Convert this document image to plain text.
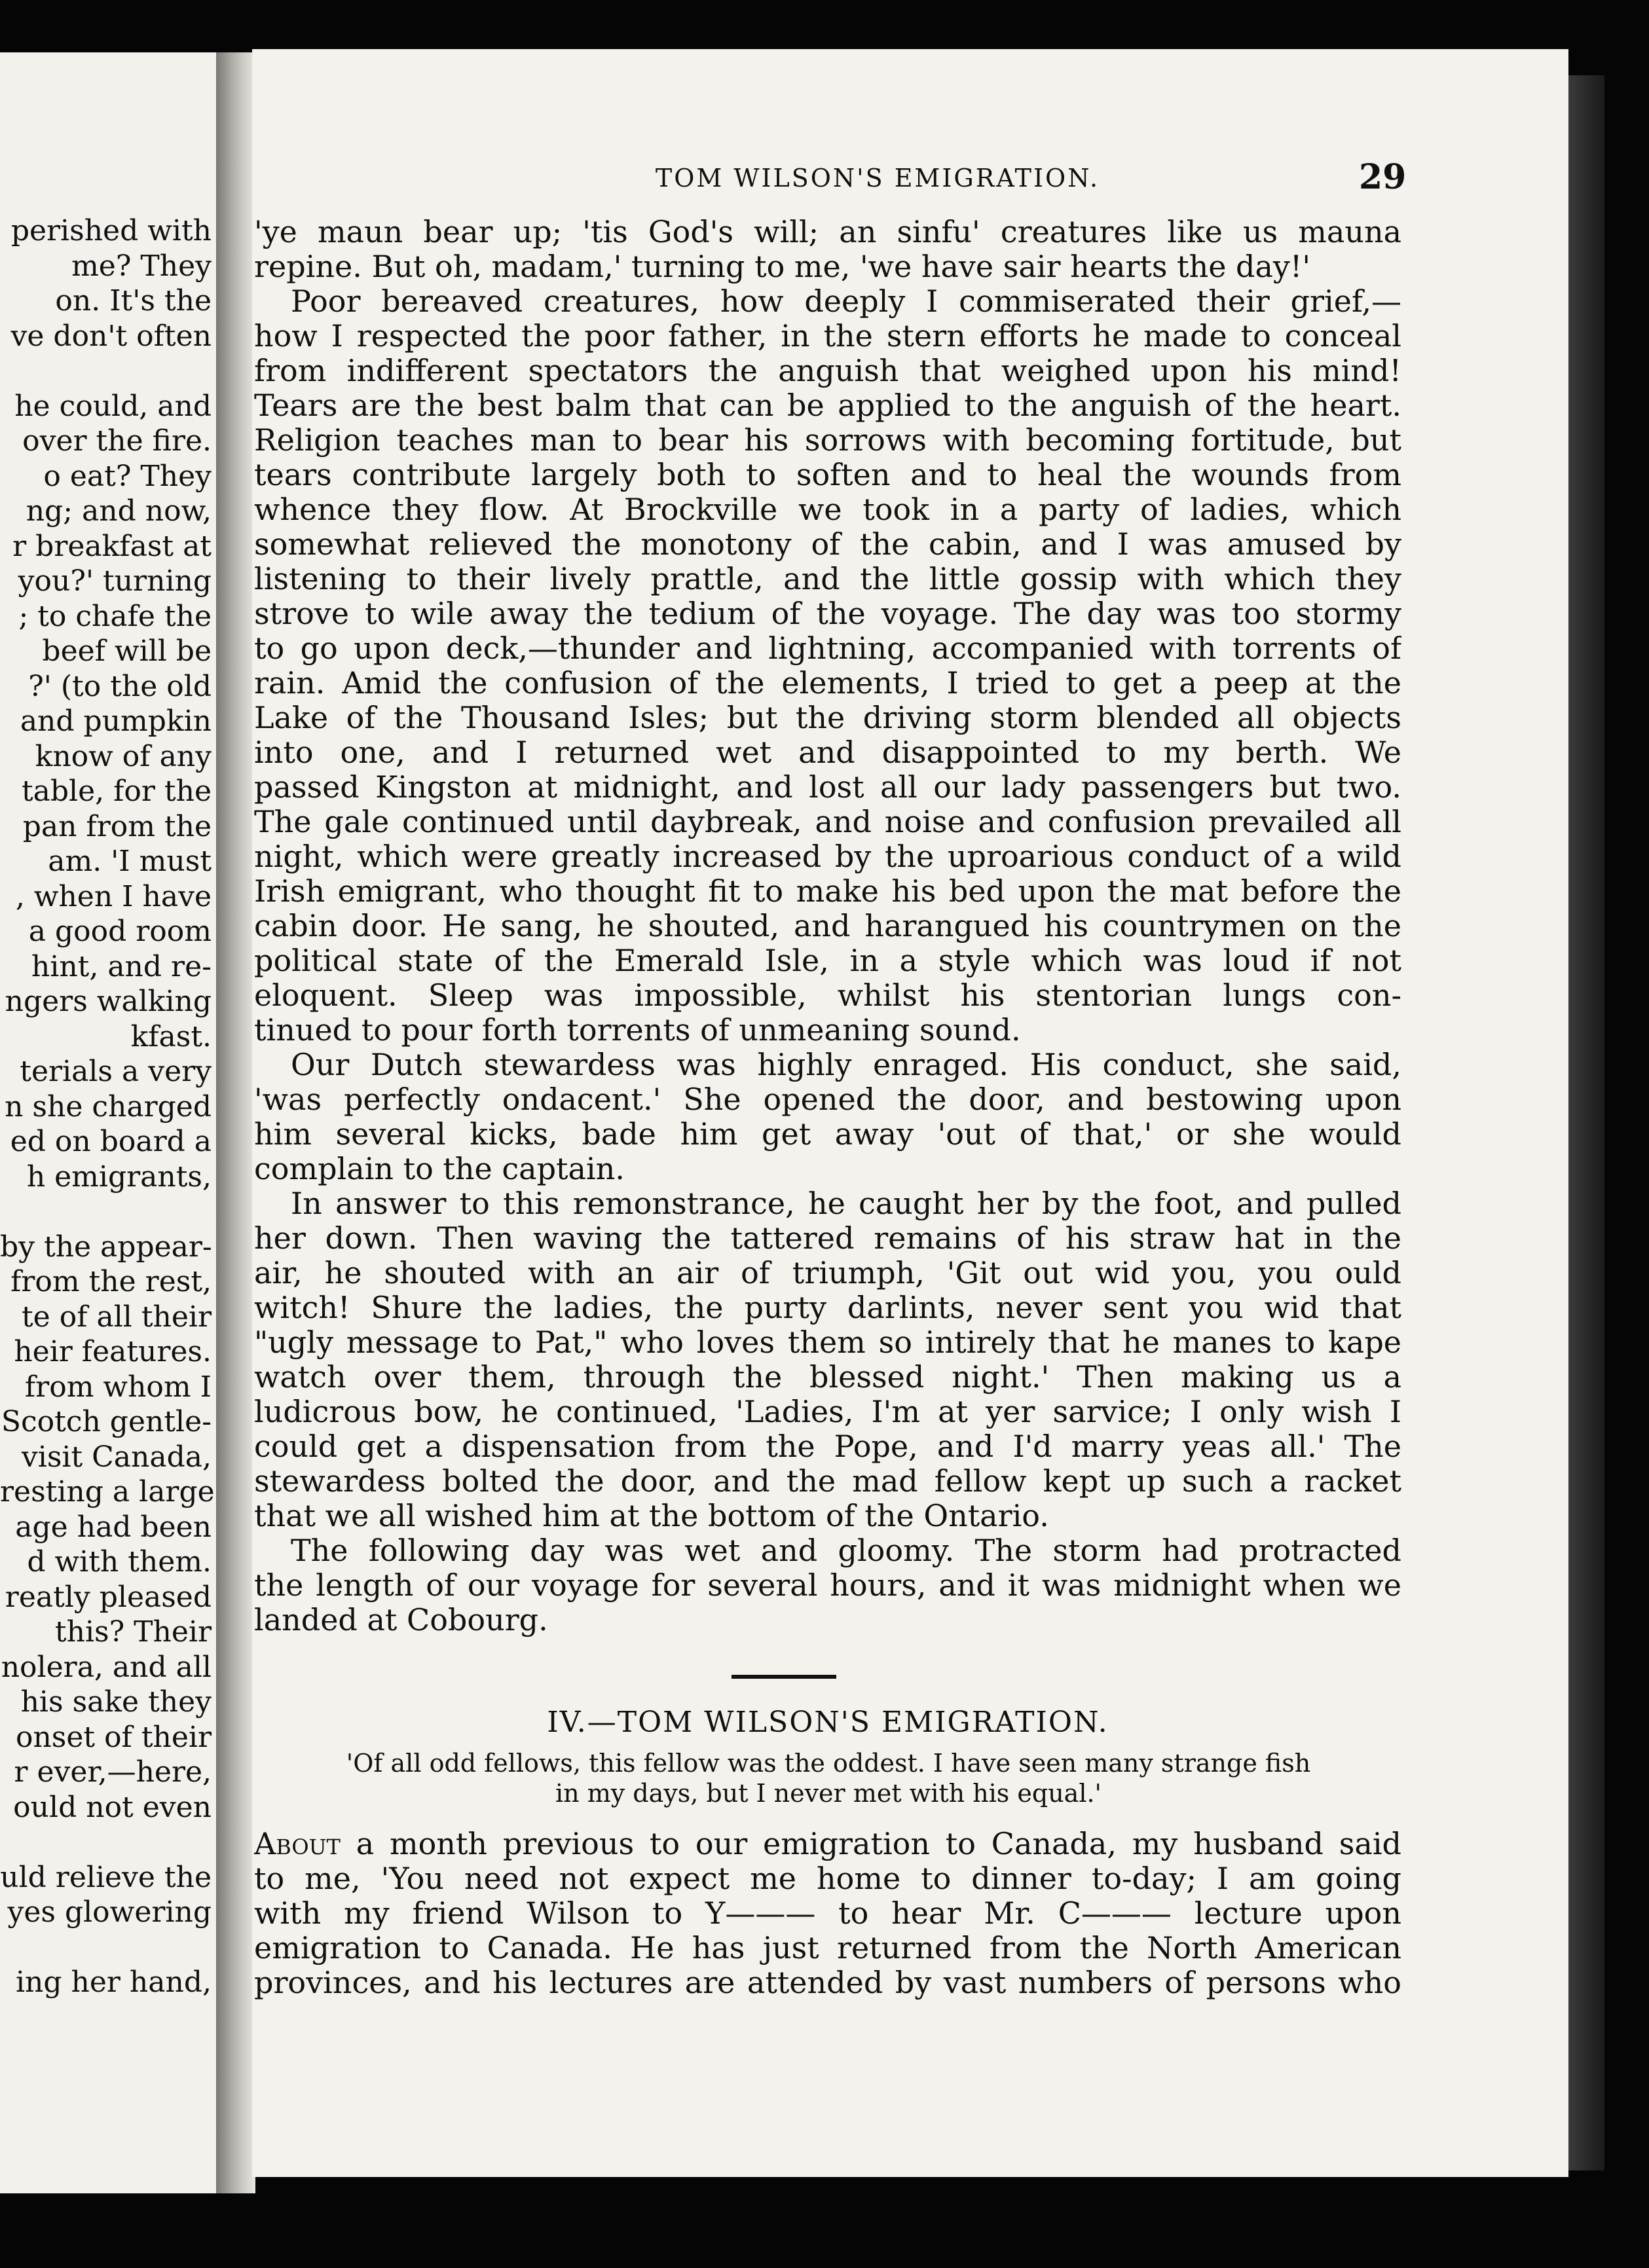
perished with
me? They
on. It's the
ve don't often
he could, and
over the fire.
o eat? They
ng; and now,
r breakfast at
you?' turning
; to chafe the
beef will be
?' (to the old
and pumpkin
know of any
table, for the
pan from the
am. 'I must
, when I have
a good room
hint, and re-
ngers walking
kfast.
terials a very
n she charged
ed on board a
h emigrants,
by the appear-
from the rest,
te of all their
heir features.
from whom I
Scotch gentle-
visit Canada,
resting a large
age had been
d with them.
reatly pleased
this? Their
nolera, and all
his sake they
onset of their
r ever,—here,
ould not even
uld relieve the
yes glowering
ing her hand,
TOM WILSON'S EMIGRATION.	29
'ye maun bear up; 'tis God's will; an sinfu' creatures like us mauna
repine. But oh, madam,' turning to me, 'we have sair hearts the day!'
Poor bereaved creatures, how deeply I commiserated their grief,—
how I respected the poor father, in the stern efforts he made to conceal
from indifferent spectators the anguish that weighed upon his mind!
Tears are the best balm that can be applied to the anguish of the heart.
Religion teaches man to bear his sorrows with becoming fortitude, but
tears contribute largely both to soften and to heal the wounds from
whence they flow. At Brockville we took in a party of ladies, which
somewhat relieved the monotony of the cabin, and I was amused by
listening to their lively prattle, and the little gossip with which they
strove to wile away the tedium of the voyage. The day was too stormy
to go upon deck,—thunder and lightning, accompanied with torrents of
rain. Amid the confusion of the elements, I tried to get a peep at the
Lake of the Thousand Isles; but the driving storm blended all objects
into one, and I returned wet and disappointed to my berth. We
passed Kingston at midnight, and lost all our lady passengers but two.
The gale continued until daybreak, and noise and confusion prevailed all
night, which were greatly increased by the uproarious conduct of a wild
Irish emigrant, who thought fit to make his bed upon the mat before the
cabin door. He sang, he shouted, and harangued his countrymen on the
political state of the Emerald Isle, in a style which was loud if not
eloquent. Sleep was impossible, whilst his stentorian lungs con-
tinued to pour forth torrents of unmeaning sound.
Our Dutch stewardess was highly enraged. His conduct, she said,
'was perfectly ondacent.' She opened the door, and bestowing upon
him several kicks, bade him get away 'out of that,' or she would
complain to the captain.
In answer to this remonstrance, he caught her by the foot, and pulled
her down. Then waving the tattered remains of his straw hat in the
air, he shouted with an air of triumph, 'Git out wid you, you ould
witch! Shure the ladies, the purty darlints, never sent you wid that
"ugly message to Pat," who loves them so intirely that he manes to kape
watch over them, through the blessed night.' Then making us a
ludicrous bow, he continued, 'Ladies, I'm at yer sarvice; I only wish I
could get a dispensation from the Pope, and I'd marry yeas all.' The
stewardess bolted the door, and the mad fellow kept up such a racket
that we all wished him at the bottom of the Ontario.
The following day was wet and gloomy. The storm had protracted
the length of our voyage for several hours, and it was midnight when we
landed at Cobourg.
IV.—TOM WILSON'S EMIGRATION.
'Of all odd fellows, this fellow was the oddest. I have seen many strange fish
in my days, but I never met with his equal.'
About a month previous to our emigration to Canada, my husband said
to me, 'You need not expect me home to dinner to-day; I am going
with my friend Wilson to Y——— to hear Mr. C——— lecture upon
emigration to Canada. He has just returned from the North American
provinces, and his lectures are attended by vast numbers of persons who
